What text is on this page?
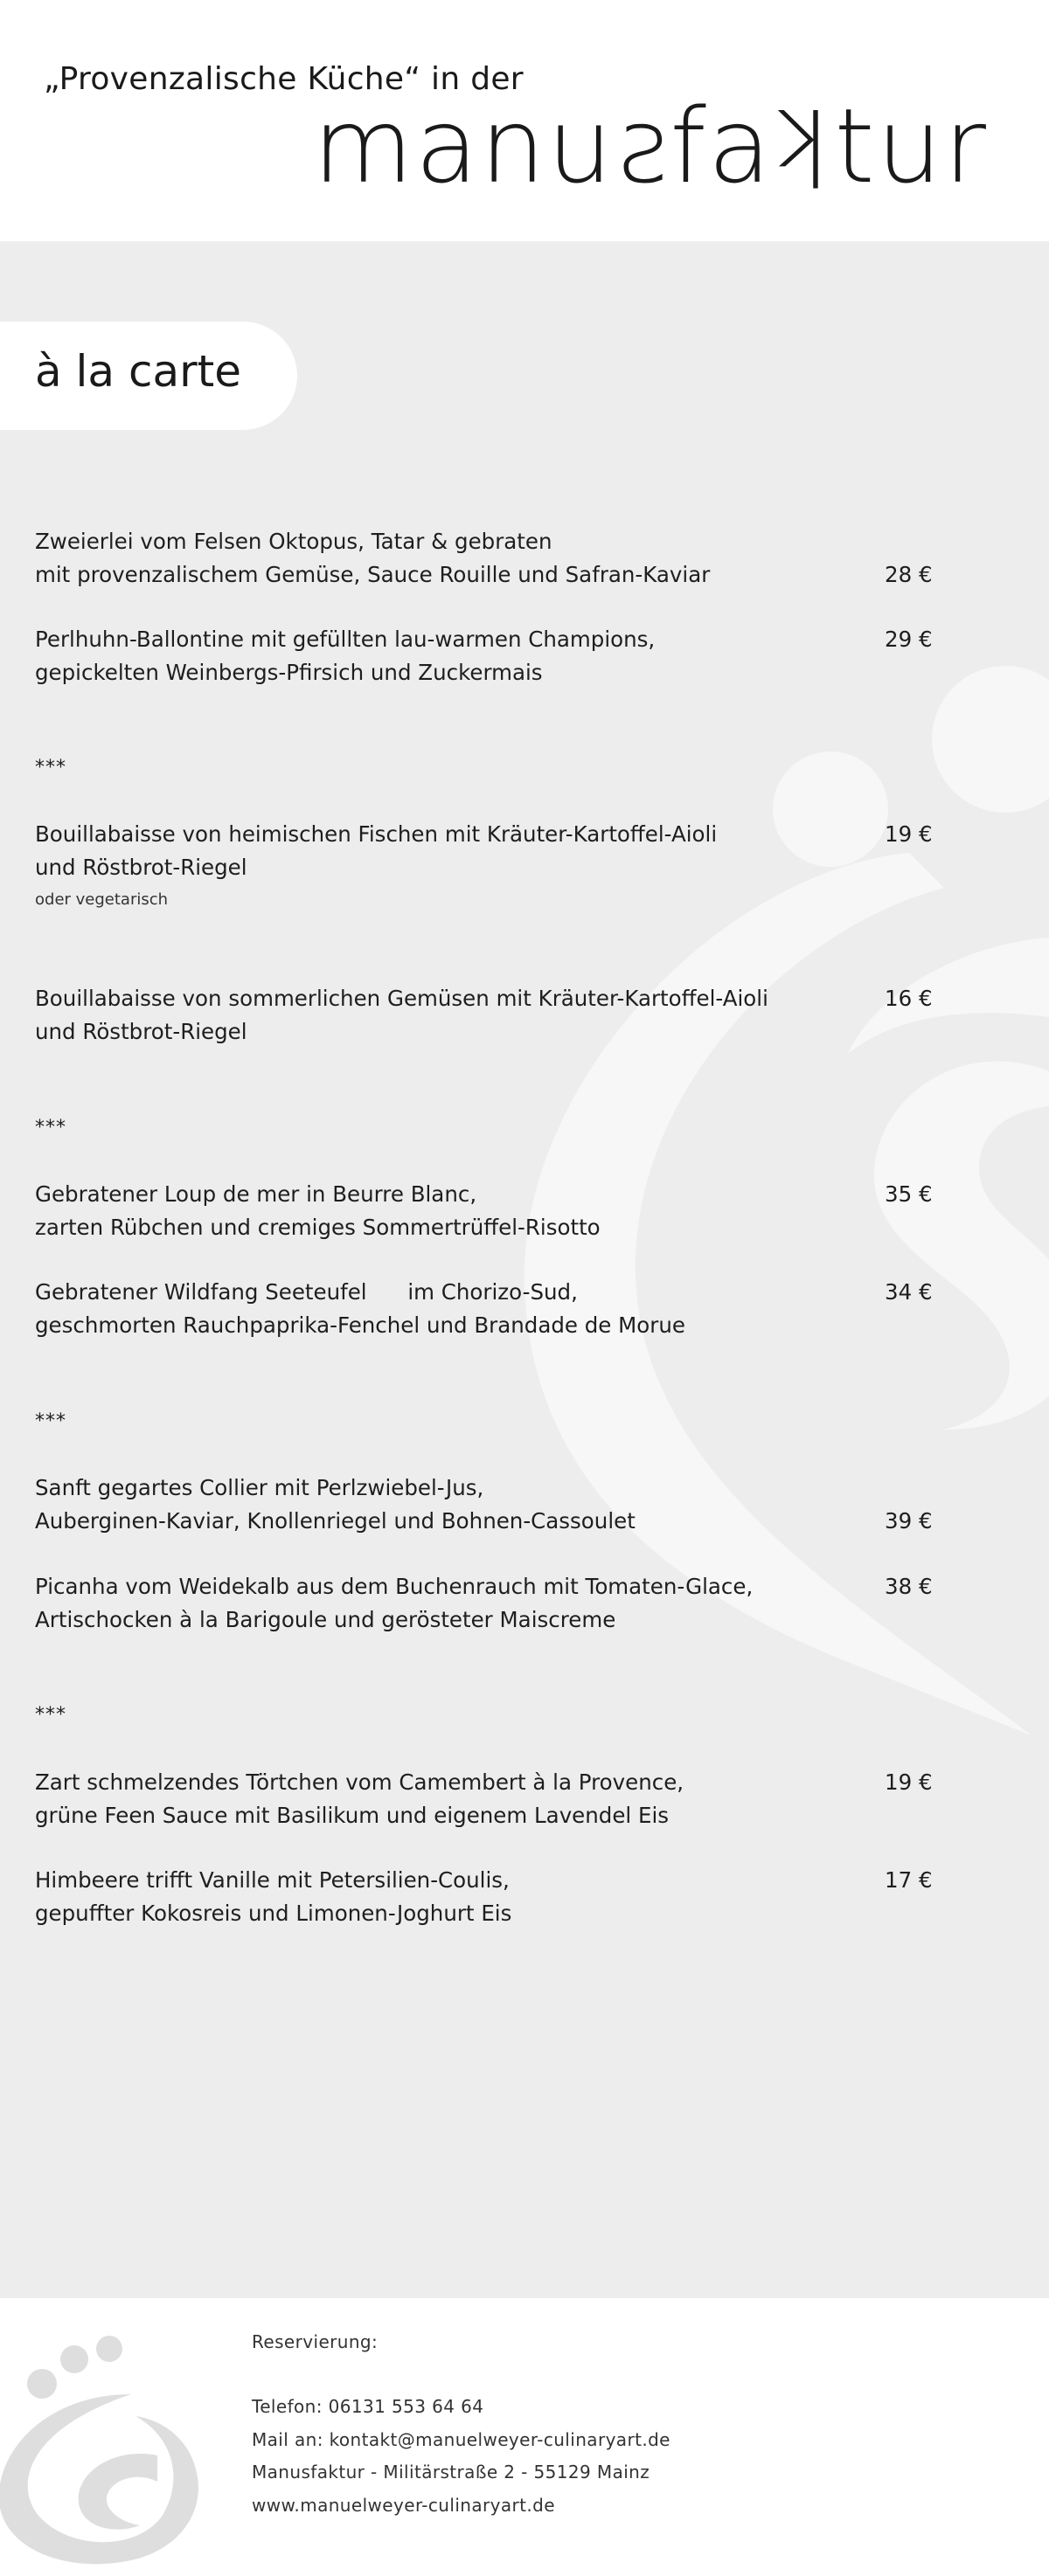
„Provenzalische Küche“ in der
manusfaktur
à la carte
Zweierlei vom Felsen Oktopus, Tatar & gebraten
mit provenzalischem Gemüse, Sauce Rouille und Safran-Kaviar	28 €
Perlhuhn-Ballontine mit gefüllten lau-warmen Champions,
gepickelten Weinbergs-Pfirsich und Zuckermais
29 €
***
Bouillabaisse von heimischen Fischen mit Kräuter-Kartoffel-Aioli
und Röstbrot-Riegel
oder vegetarisch
19 €
Bouillabaisse von sommerlichen Gemüsen mit Kräuter-Kartoffel-Aioli
und Röstbrot-Riegel
16 €
***
Gebratener Loup de mer in Beurre Blanc,
zarten Rübchen und cremiges Sommertrüffel-Risotto
35 €
Gebratener Wildfang Seeteufel      im Chorizo-Sud,
geschmorten Rauchpaprika-Fenchel und Brandade de Morue
34 €
***
Sanft gegartes Collier mit Perlzwiebel-Jus,
Auberginen-Kaviar, Knollenriegel und Bohnen-Cassoulet	39 €
Picanha vom Weidekalb aus dem Buchenrauch mit Tomaten-Glace,
Artischocken à la Barigoule und gerösteter Maiscreme
38 €
***
Zart schmelzendes Törtchen vom Camembert à la Provence,
grüne Feen Sauce mit Basilikum und eigenem Lavendel Eis
19 €
Himbeere trifft Vanille mit Petersilien-Coulis,
gepuffter Kokosreis und Limonen-Joghurt Eis
17 €
Reservierung:
Telefon: 06131 553 64 64
Mail an: kontakt@manuelweyer-culinaryart.de
Manusfaktur - Militärstraße 2 - 55129 Mainz
www.manuelweyer-culinaryart.de
